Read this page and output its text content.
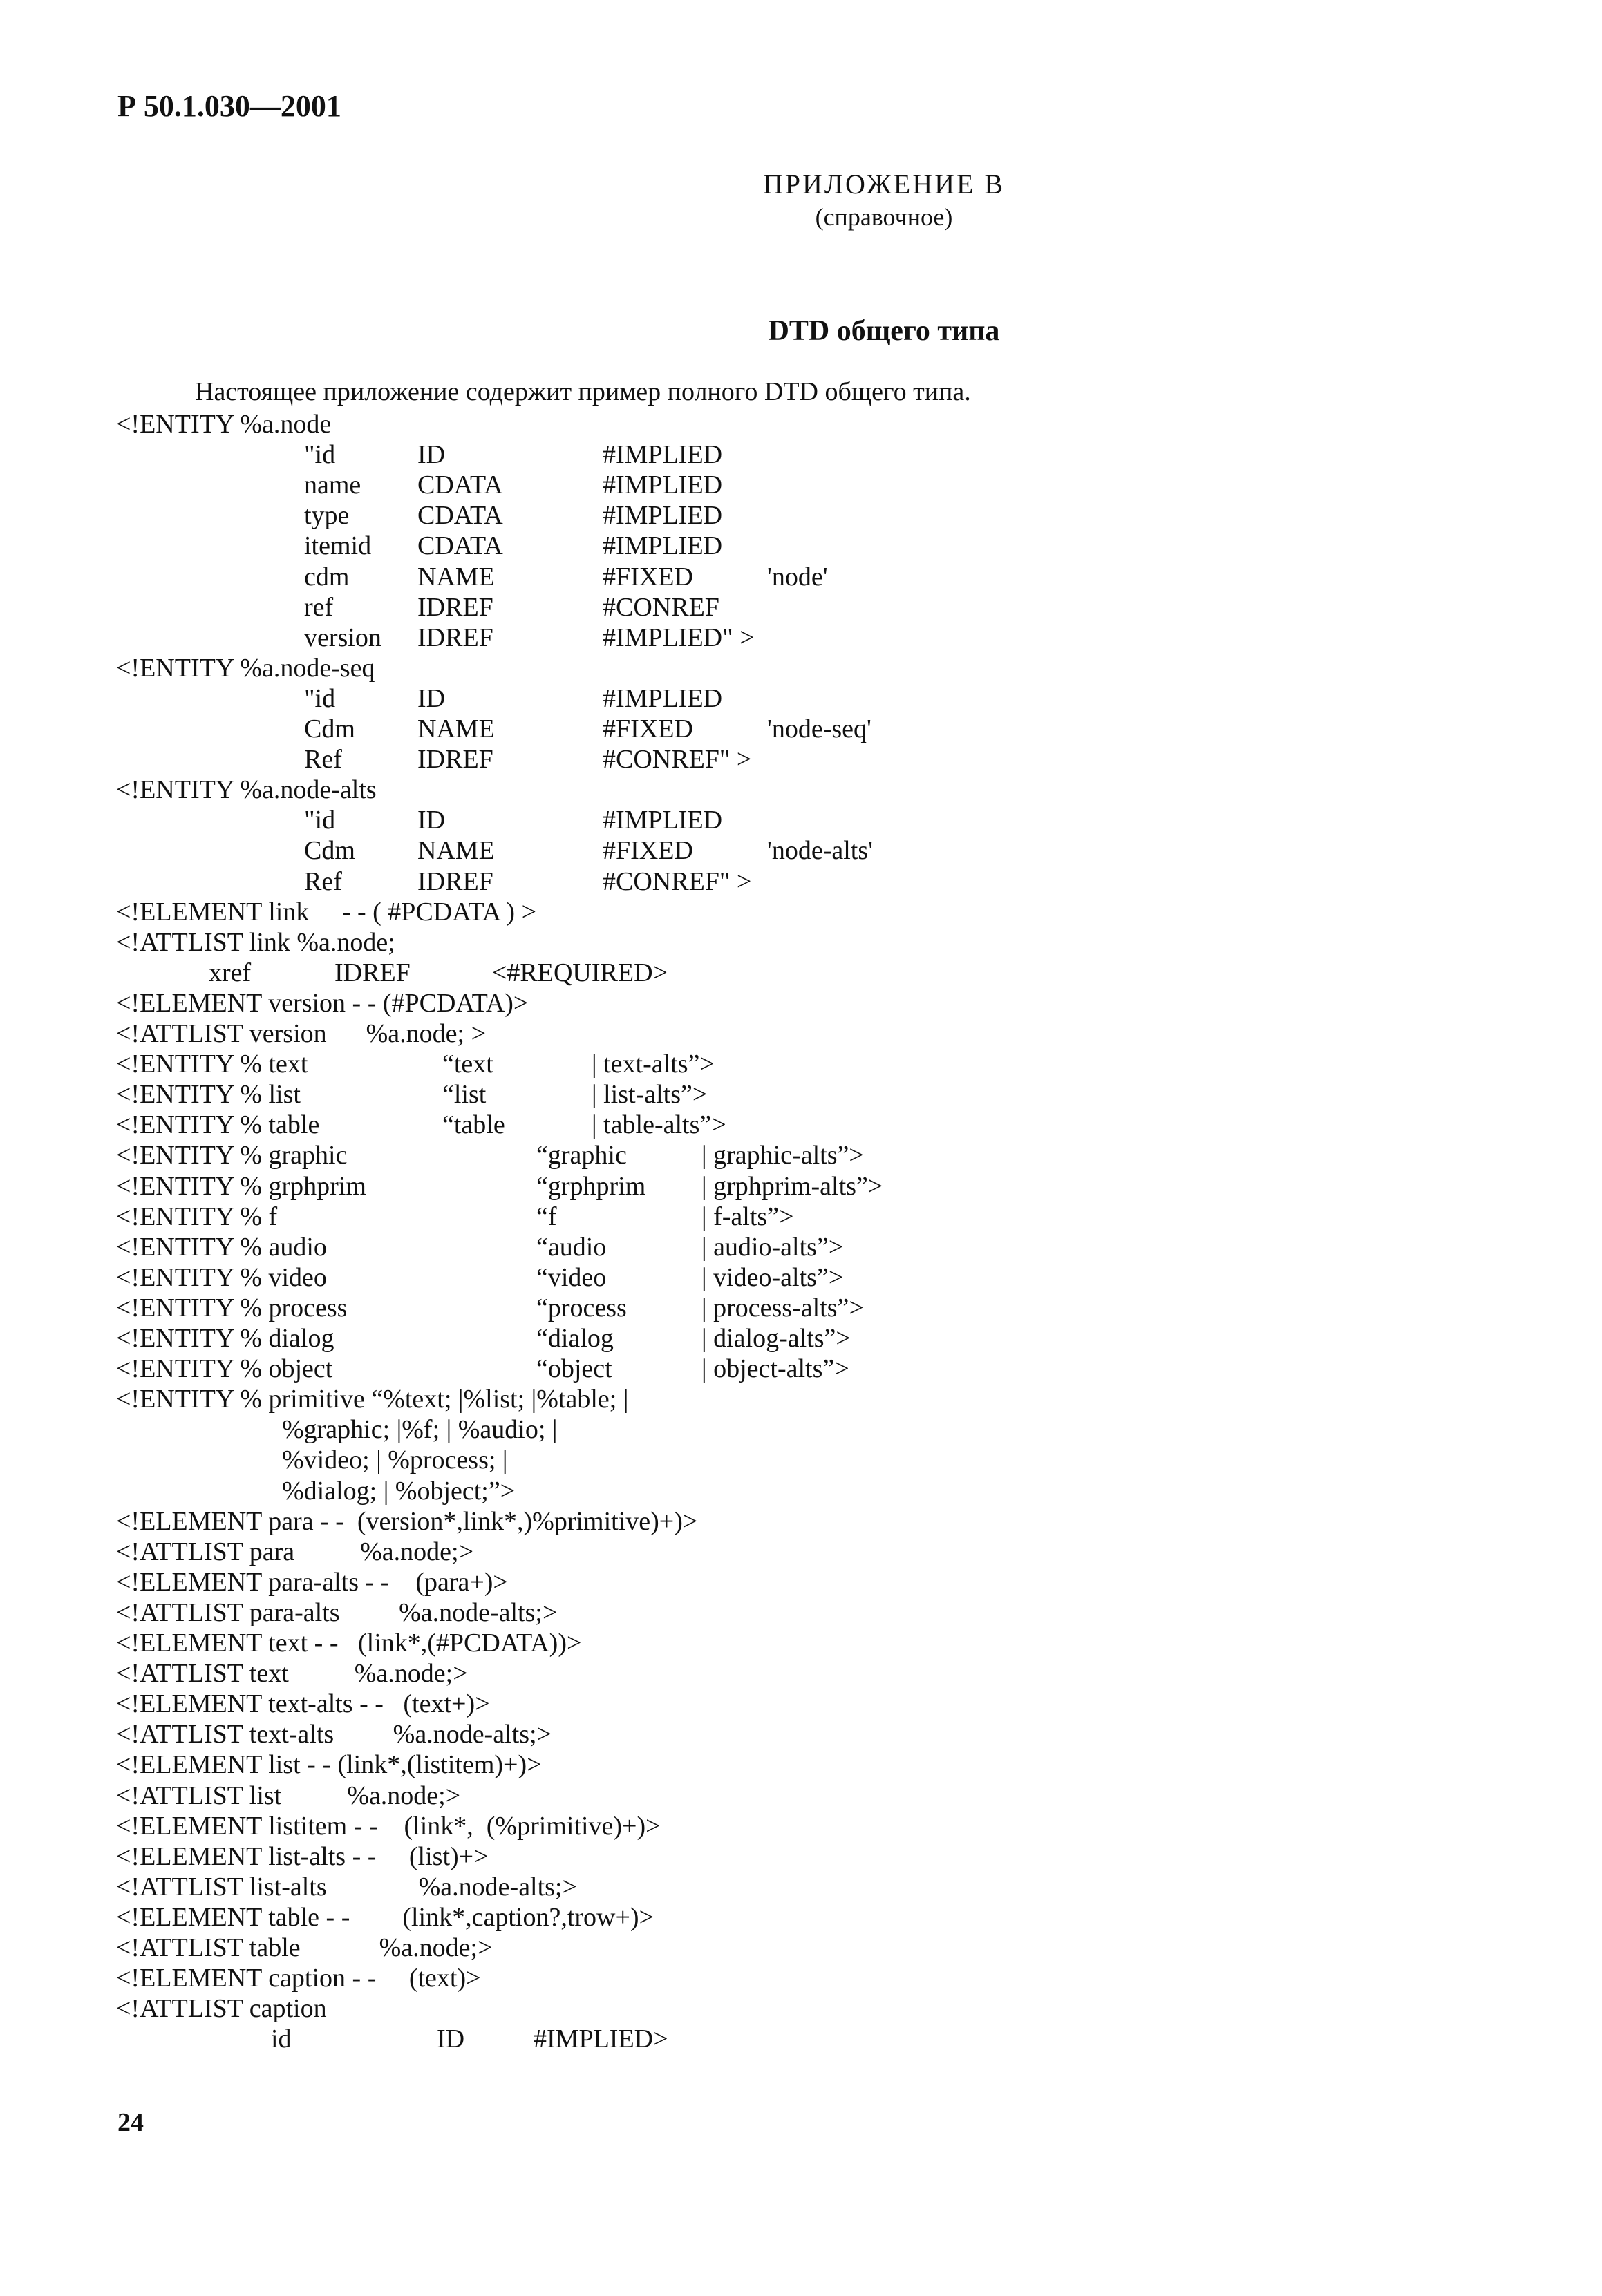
Р 50.1.030—2001
ПРИЛОЖЕНИЕ В
(справочное)
DTD общего типа
Настоящее приложение содержит пример полного DTD общего типа.
<!ENTITY %a.node
"id	ID	#IMPLIED
name CDATA	#IMPLIED
type	CDATA	#IMPLIED
itemid CDATA	#IMPLIED
cdm	NAME	#FIXED	'node'
ref	IDREF	#CONREF
version IDREF	#IMPLIED" >
<!ENTITY %a.node-seq
"id	ID	#IMPLIED
Cdm NAME	#FIXED	'node-seq'
Ref	IDREF	#CONREF" >
<!ENTITY %a.node-alts
"id	ID	#IMPLIED
Cdm NAME	#FIXED	'node-alts'
Ref	IDREF	#CONREF" >
<!ELEMENT link     - - ( #PCDATA ) >
<!ATTLIST link %a.node;
xref	IDREF	<#REQUIRED>
<!ELEMENT version - - (#PCDATA)>
<!ATTLIST version      %a.node; >
<!ENTITY % text	“text	| text-alts”>
<!ENTITY % list	“list	| list-alts”>
<!ENTITY % table	“table	| table-alts”>
<!ENTITY % graphic	“graphic	| graphic-alts”>
<!ENTITY % grphprim	“grphprim | grphprim-alts”>
<!ENTITY % f	“f	| f-alts”>
<!ENTITY % audio	“audio	| audio-alts”>
<!ENTITY % video	“video	| video-alts”>
<!ENTITY % process	“process	| process-alts”>
<!ENTITY % dialog	“dialog	| dialog-alts”>
<!ENTITY % object	“object	| object-alts”>
<!ENTITY % primitive “%text; |%list; |%table; |
%graphic; |%f; | %audio; |
%video; | %process; |
%dialog; | %object;”>
<!ELEMENT para - -  (version*,link*,)%primitive)+)>
<!ATTLIST para          %a.node;>
<!ELEMENT para-alts - -    (para+)>
<!ATTLIST para-alts         %a.node-alts;>
<!ELEMENT text - -   (link*,(#PCDATA))>
<!ATTLIST text          %a.node;>
<!ELEMENT text-alts - -   (text+)>
<!ATTLIST text-alts         %a.node-alts;>
<!ELEMENT list - - (link*,(listitem)+)>
<!ATTLIST list          %a.node;>
<!ELEMENT listitem - -    (link*,  (%primitive)+)>
<!ELEMENT list-alts - -     (list)+>
<!ATTLIST list-alts              %a.node-alts;>
<!ELEMENT table - -        (link*,caption?,trow+)>
<!ATTLIST table            %a.node;>
<!ELEMENT caption - -     (text)>
<!ATTLIST caption
id	ID	#IMPLIED>
24
